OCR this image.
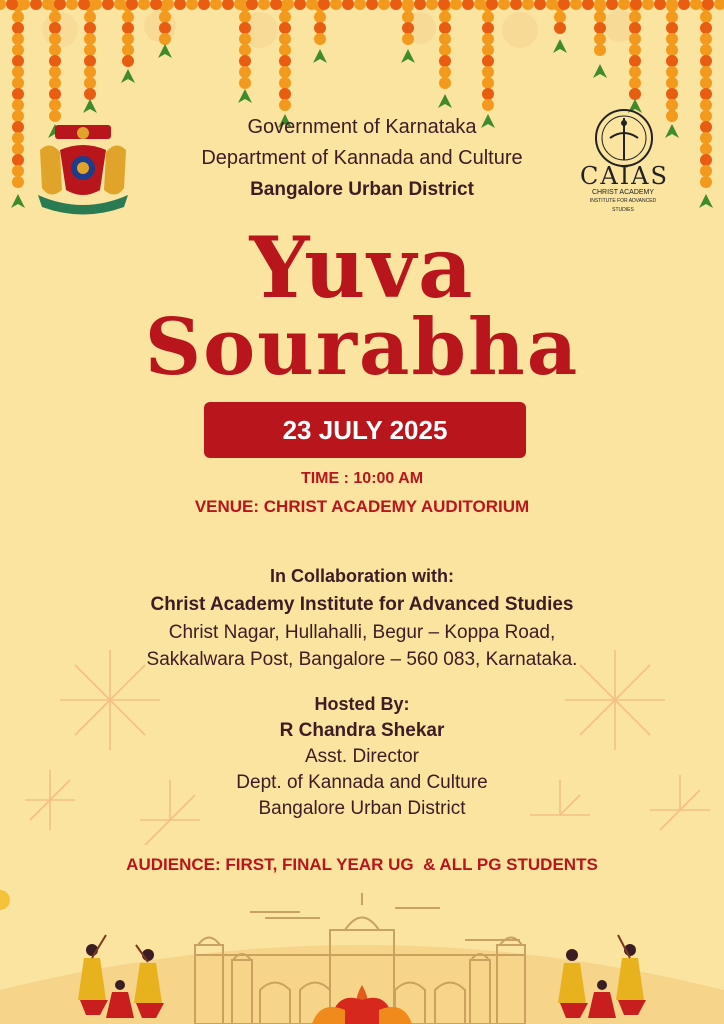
Government of Karnataka
Department of Kannada and Culture
Bangalore Urban District	CAIAS
CHRIST ACADEMY
INSTITUTE FOR ADVANCED STUDIES
Yuva
Sourabha
23 JULY 2025
TIME : 10:00 AM
VENUE: CHRIST ACADEMY AUDITORIUM
In Collaboration with:
Christ Academy Institute for Advanced Studies
Christ Nagar, Hullahalli, Begur – Koppa Road,
Sakkalwara Post, Bangalore – 560 083, Karnataka.
Hosted By:
R Chandra Shekar
Asst. Director
Dept. of Kannada and Culture
Bangalore Urban District
AUDIENCE: FIRST, FINAL YEAR UG  & ALL PG STUDENTS
